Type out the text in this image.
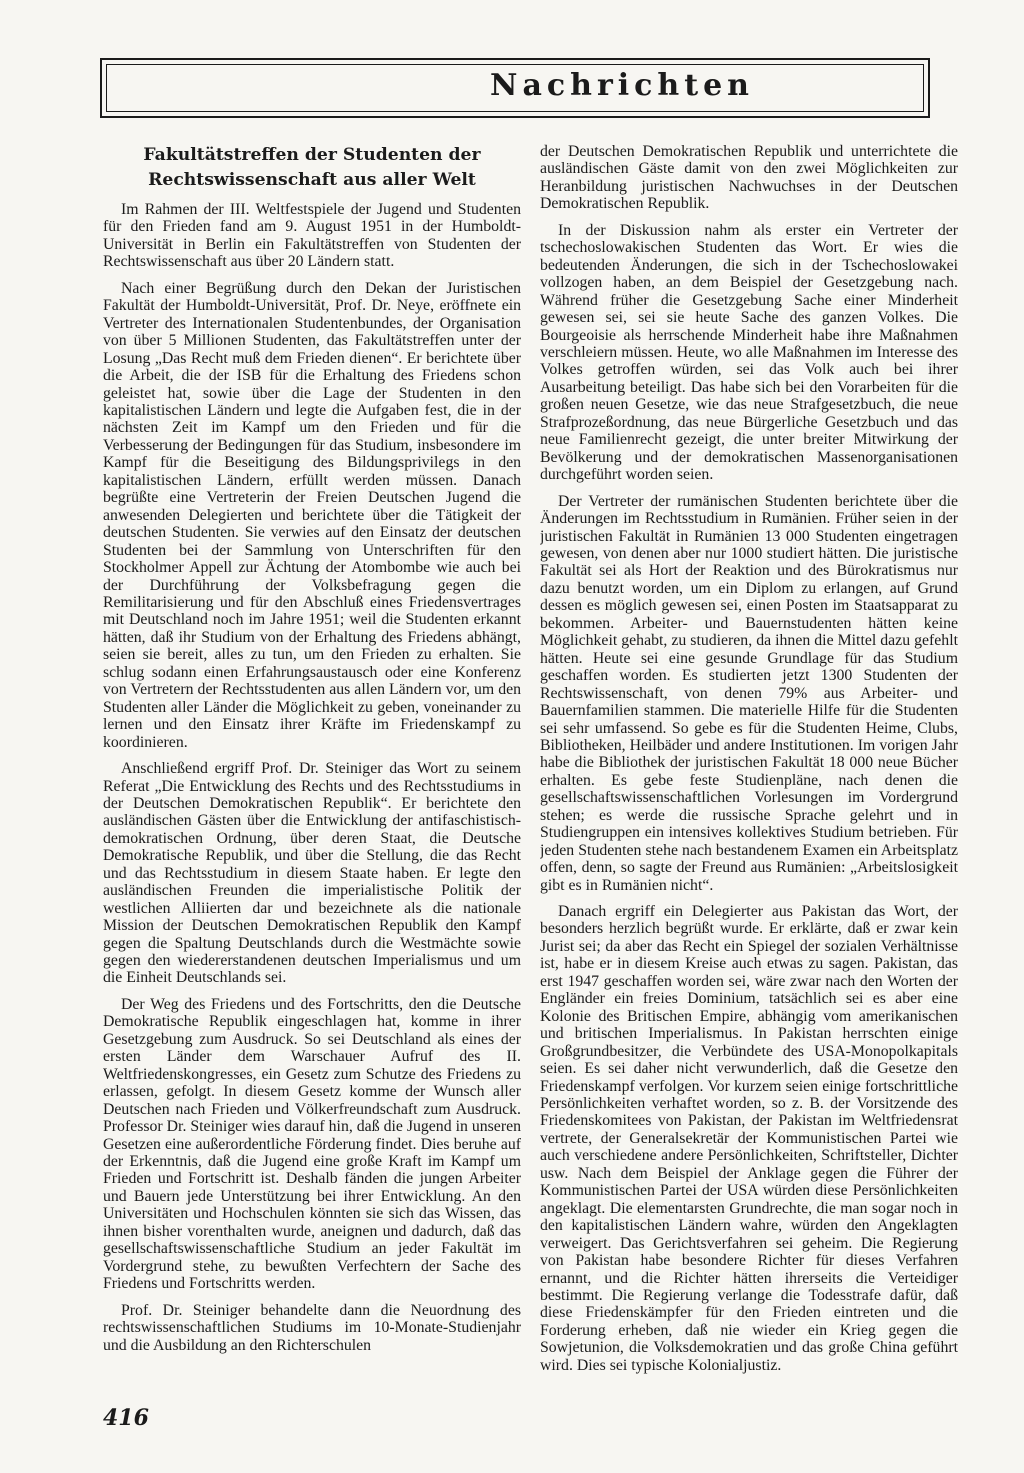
Nachrichten
Fakultätstreffen der Studenten der Rechtswissenschaft aus aller Welt

Im Rahmen der III. Weltfestspiele der Jugend und Studenten für den Frieden fand am 9. August 1951 in der Humboldt-Universität in Berlin ein Fakultätstreffen von Studenten der Rechtswissenschaft aus über 20 Ländern statt.

Nach einer Begrüßung durch den Dekan der Juristischen Fakultät der Humboldt-Universität, Prof. Dr. Neye, eröffnete ein Vertreter des Internationalen Studentenbundes, der Organisation von über 5 Millionen Studenten, das Fakultätstreffen unter der Losung „Das Recht muß dem Frieden dienen“. Er berichtete über die Arbeit, die der ISB für die Erhaltung des Friedens schon geleistet hat, sowie über die Lage der Studenten in den kapitalistischen Ländern und legte die Aufgaben fest, die in der nächsten Zeit im Kampf um den Frieden und für die Verbesserung der Bedingungen für das Studium, insbesondere im Kampf für die Beseitigung des Bildungsprivilegs in den kapitalistischen Ländern, erfüllt werden müssen. Danach begrüßte eine Vertreterin der Freien Deutschen Jugend die anwesenden Delegierten und berichtete über die Tätigkeit der deutschen Studenten. Sie verwies auf den Einsatz der deutschen Studenten bei der Sammlung von Unterschriften für den Stockholmer Appell zur Ächtung der Atombombe wie auch bei der Durchführung der Volksbefragung gegen die Remilitarisierung und für den Abschluß eines Friedensvertrages mit Deutschland noch im Jahre 1951; weil die Studenten erkannt hätten, daß ihr Studium von der Erhaltung des Friedens abhängt, seien sie bereit, alles zu tun, um den Frieden zu erhalten. Sie schlug sodann einen Erfahrungsaustausch oder eine Konferenz von Vertretern der Rechtsstudenten aus allen Ländern vor, um den Studenten aller Länder die Möglichkeit zu geben, voneinander zu lernen und den Einsatz ihrer Kräfte im Friedenskampf zu koordinieren.

Anschließend ergriff Prof. Dr. Steiniger das Wort zu seinem Referat „Die Entwicklung des Rechts und des Rechtsstudiums in der Deutschen Demokratischen Republik“. Er berichtete den ausländischen Gästen über die Entwicklung der antifaschistisch-demokratischen Ordnung, über deren Staat, die Deutsche Demokratische Republik, und über die Stellung, die das Recht und das Rechtsstudium in diesem Staate haben. Er legte den ausländischen Freunden die imperialistische Politik der westlichen Alliierten dar und bezeichnete als die nationale Mission der Deutschen Demokratischen Republik den Kampf gegen die Spaltung Deutschlands durch die Westmächte sowie gegen den wiedererstandenen deutschen Imperialismus und um die Einheit Deutschlands sei.

Der Weg des Friedens und des Fortschritts, den die Deutsche Demokratische Republik eingeschlagen hat, komme in ihrer Gesetzgebung zum Ausdruck. So sei Deutschland als eines der ersten Länder dem Warschauer Aufruf des II. Weltfriedenskongresses, ein Gesetz zum Schutze des Friedens zu erlassen, gefolgt. In diesem Gesetz komme der Wunsch aller Deutschen nach Frieden und Völkerfreundschaft zum Ausdruck. Professor Dr. Steiniger wies darauf hin, daß die Jugend in unseren Gesetzen eine außerordentliche Förderung findet. Dies beruhe auf der Erkenntnis, daß die Jugend eine große Kraft im Kampf um Frieden und Fortschritt ist. Deshalb fänden die jungen Arbeiter und Bauern jede Unterstützung bei ihrer Entwicklung. An den Universitäten und Hochschulen könnten sie sich das Wissen, das ihnen bisher vorenthalten wurde, aneignen und dadurch, daß das gesellschaftswissenschaftliche Studium an jeder Fakultät im Vordergrund stehe, zu bewußten Verfechtern der Sache des Friedens und Fortschritts werden.

Prof. Dr. Steiniger behandelte dann die Neuordnung des rechtswissenschaftlichen Studiums im 10-Monate-Studienjahr und die Ausbildung an den Richterschulen

der Deutschen Demokratischen Republik und unterrichtete die ausländischen Gäste damit von den zwei Möglichkeiten zur Heranbildung juristischen Nachwuchses in der Deutschen Demokratischen Republik.

In der Diskussion nahm als erster ein Vertreter der tschechoslowakischen Studenten das Wort. Er wies die bedeutenden Änderungen, die sich in der Tschechoslowakei vollzogen haben, an dem Beispiel der Gesetzgebung nach. Während früher die Gesetzgebung Sache einer Minderheit gewesen sei, sei sie heute Sache des ganzen Volkes. Die Bourgeoisie als herrschende Minderheit habe ihre Maßnahmen verschleiern müssen. Heute, wo alle Maßnahmen im Interesse des Volkes getroffen würden, sei das Volk auch bei ihrer Ausarbeitung beteiligt. Das habe sich bei den Vorarbeiten für die großen neuen Gesetze, wie das neue Strafgesetzbuch, die neue Strafprozeßordnung, das neue Bürgerliche Gesetzbuch und das neue Familienrecht gezeigt, die unter breiter Mitwirkung der Bevölkerung und der demokratischen Massenorganisationen durchgeführt worden seien.

Der Vertreter der rumänischen Studenten berichtete über die Änderungen im Rechtsstudium in Rumänien. Früher seien in der juristischen Fakultät in Rumänien 13 000 Studenten eingetragen gewesen, von denen aber nur 1000 studiert hätten. Die juristische Fakultät sei als Hort der Reaktion und des Bürokratismus nur dazu benutzt worden, um ein Diplom zu erlangen, auf Grund dessen es möglich gewesen sei, einen Posten im Staatsapparat zu bekommen. Arbeiter- und Bauernstudenten hätten keine Möglichkeit gehabt, zu studieren, da ihnen die Mittel dazu gefehlt hätten. Heute sei eine gesunde Grundlage für das Studium geschaffen worden. Es studierten jetzt 1300 Studenten der Rechtswissenschaft, von denen 79% aus Arbeiter- und Bauernfamilien stammen. Die materielle Hilfe für die Studenten sei sehr umfassend. So gebe es für die Studenten Heime, Clubs, Bibliotheken, Heilbäder und andere Institutionen. Im vorigen Jahr habe die Bibliothek der juristischen Fakultät 18 000 neue Bücher erhalten. Es gebe feste Studienpläne, nach denen die gesellschaftswissenschaftlichen Vorlesungen im Vordergrund stehen; es werde die russische Sprache gelehrt und in Studiengruppen ein intensives kollektives Studium betrieben. Für jeden Studenten stehe nach bestandenem Examen ein Arbeitsplatz offen, denn, so sagte der Freund aus Rumänien: „Arbeitslosigkeit gibt es in Rumänien nicht“.

Danach ergriff ein Delegierter aus Pakistan das Wort, der besonders herzlich begrüßt wurde. Er erklärte, daß er zwar kein Jurist sei; da aber das Recht ein Spiegel der sozialen Verhältnisse ist, habe er in diesem Kreise auch etwas zu sagen. Pakistan, das erst 1947 geschaffen worden sei, wäre zwar nach den Worten der Engländer ein freies Dominium, tatsächlich sei es aber eine Kolonie des Britischen Empire, abhängig vom amerikanischen und britischen Imperialismus. In Pakistan herrschten einige Großgrundbesitzer, die Verbündete des USA-Monopolkapitals seien. Es sei daher nicht verwunderlich, daß die Gesetze den Friedenskampf verfolgen. Vor kurzem seien einige fortschrittliche Persönlichkeiten verhaftet worden, so z. B. der Vorsitzende des Friedenskomitees von Pakistan, der Pakistan im Weltfriedensrat vertrete, der Generalsekretär der Kommunistischen Partei wie auch verschiedene andere Persönlichkeiten, Schriftsteller, Dichter usw. Nach dem Beispiel der Anklage gegen die Führer der Kommunistischen Partei der USA würden diese Persönlichkeiten angeklagt. Die elementarsten Grundrechte, die man sogar noch in den kapitalistischen Ländern wahre, würden den Angeklagten verweigert. Das Gerichtsverfahren sei geheim. Die Regierung von Pakistan habe besondere Richter für dieses Verfahren ernannt, und die Richter hätten ihrerseits die Verteidiger bestimmt. Die Regierung verlange die Todesstrafe dafür, daß diese Friedenskämpfer für den Frieden eintreten und die Forderung erheben, daß nie wieder ein Krieg gegen die Sowjetunion, die Volksdemokratien und das große China geführt wird. Dies sei typische Kolonialjustiz.

416
